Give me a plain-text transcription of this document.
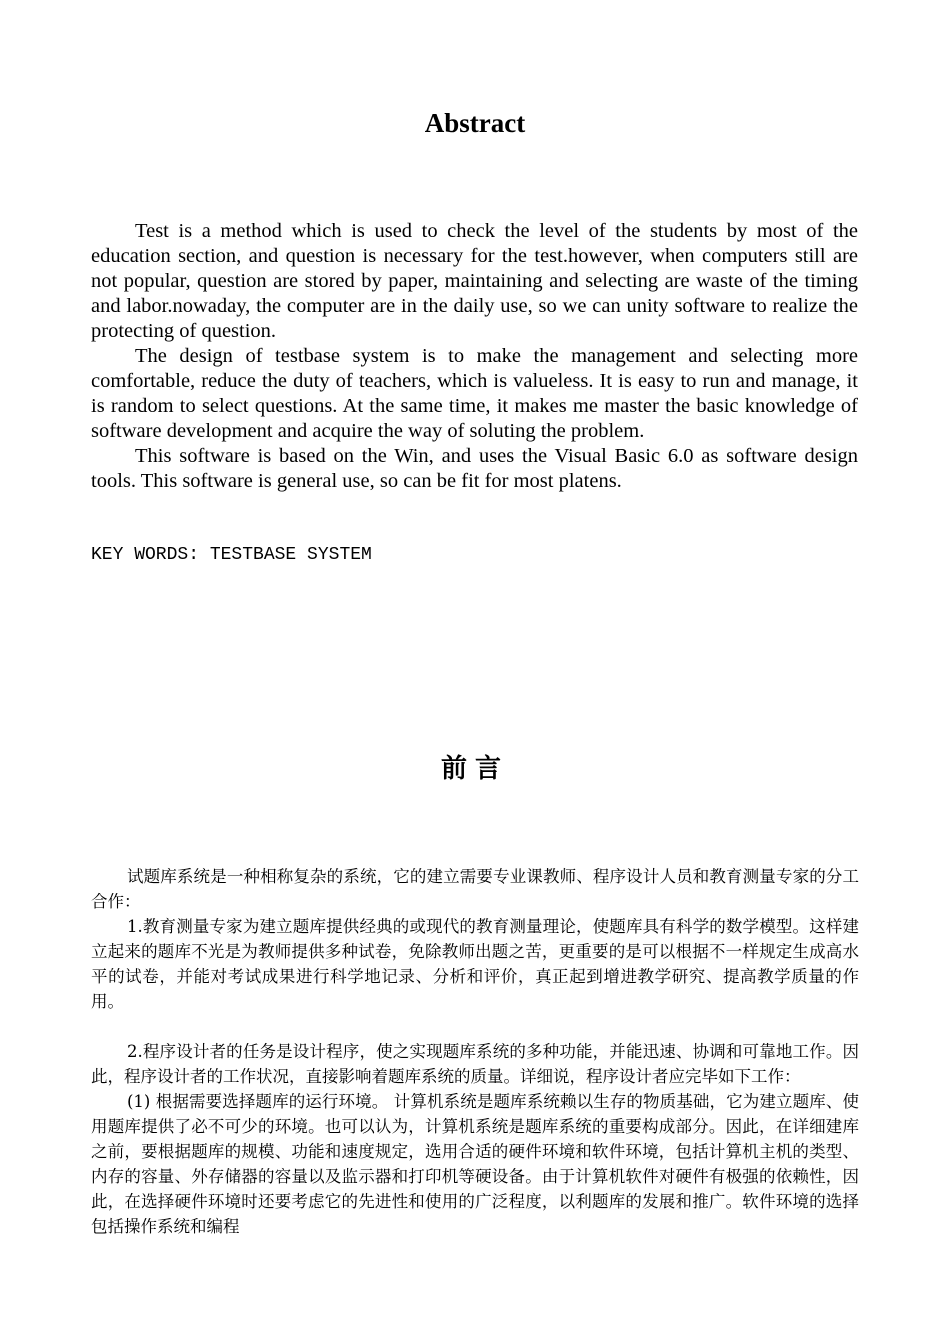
Abstract

Test is a method which is used to check the level of the students by most of the education section, and question is necessary for the test.however, when computers still are not popular, question are stored by paper, maintaining and selecting are waste of the timing and labor.nowaday, the computer are in the daily use, so we can unity software to realize the protecting of question.

The design of testbase system is to make the management and selecting more comfortable, reduce the duty of teachers, which is valueless. It is easy to run and manage, it is random to select questions. At the same time, it makes me master the basic knowledge of software development and acquire the way of soluting the problem.

This software is based on the Win, and uses the Visual Basic 6.0 as software design tools. This software is general use, so can be fit for most platens.

KEY WORDS: TESTBASE SYSTEM
前言

试题库系统是一种相称复杂的系统，它的建立需要专业课教师、程序设计人员和教育测量专家的分工合作：

1.教育测量专家为建立题库提供经典的或现代的教育测量理论，使题库具有科学的数学模型。这样建立起来的题库不光是为教师提供多种试卷，免除教师出题之苦，更重要的是可以根据不一样规定生成高水平的试卷，并能对考试成果进行科学地记录、分析和评价，真正起到增进教学研究、提高教学质量的作用。

2.程序设计者的任务是设计程序，使之实现题库系统的多种功能，并能迅速、协调和可靠地工作。因此，程序设计者的工作状况，直接影响着题库系统的质量。详细说，程序设计者应完毕如下工作：

(1) 根据需要选择题库的运行环境。 计算机系统是题库系统赖以生存的物质基础，它为建立题库、使用题库提供了必不可少的环境。也可以认为，计算机系统是题库系统的重要构成部分。因此，在详细建库之前，要根据题库的规模、功能和速度规定，选用合适的硬件环境和软件环境，包括计算机主机的类型、内存的容量、外存储器的容量以及监示器和打印机等硬设备。由于计算机软件对硬件有极强的依赖性，因此，在选择硬件环境时还要考虑它的先进性和使用的广泛程度，以利题库的发展和推广。软件环境的选择包括操作系统和编程
